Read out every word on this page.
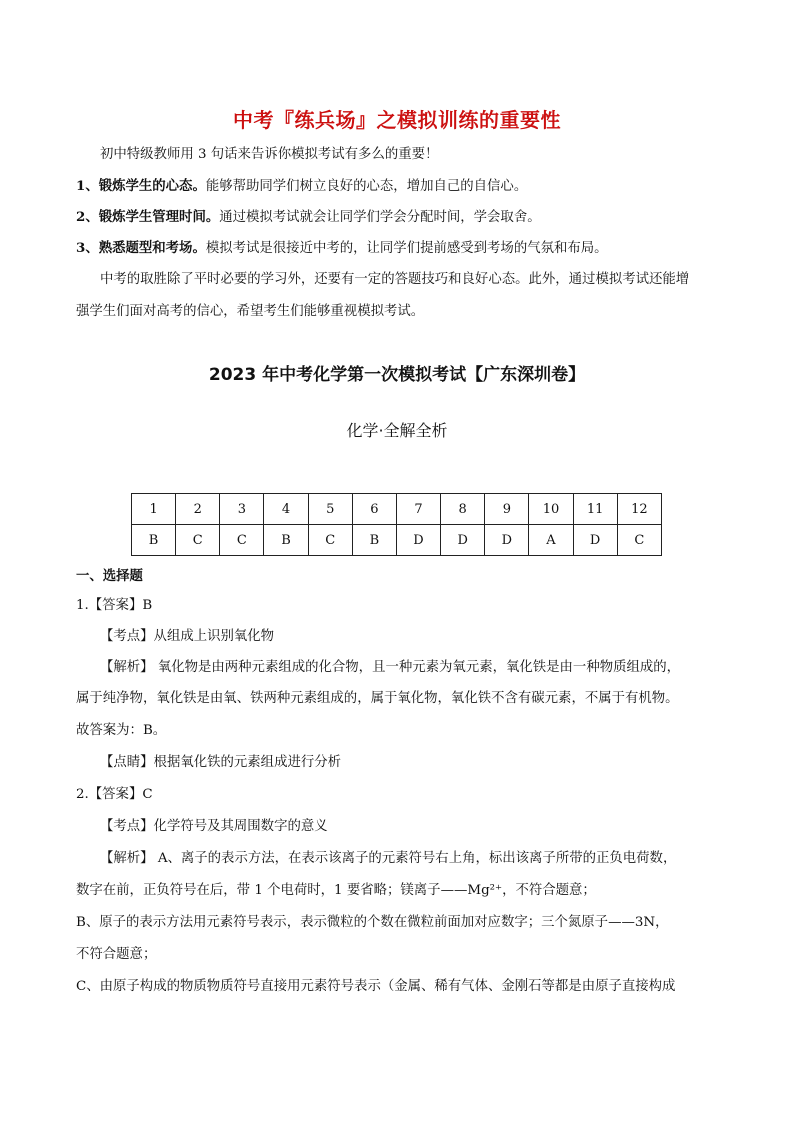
中考『练兵场』之模拟训练的重要性
初中特级教师用 3 句话来告诉你模拟考试有多么的重要！
1、锻炼学生的心态。能够帮助同学们树立良好的心态，增加自己的自信心。
2、锻炼学生管理时间。通过模拟考试就会让同学们学会分配时间，学会取舍。
3、熟悉题型和考场。模拟考试是很接近中考的，让同学们提前感受到考场的气氛和布局。
中考的取胜除了平时必要的学习外，还要有一定的答题技巧和良好心态。此外，通过模拟考试还能增
强学生们面对高考的信心，希望考生们能够重视模拟考试。
2023 年中考化学第一次模拟考试【广东深圳卷】
化学·全解全析
1	2	3	4	5	6	7	8	9	10	11	12
B	C	C	B	C	B	D	D	D	A	D	C
一、选择题
1.【答案】B
【考点】从组成上识别氧化物
【解析】 氧化物是由两种元素组成的化合物，且一种元素为氧元素，氧化铁是由一种物质组成的，
属于纯净物，氧化铁是由氧、铁两种元素组成的，属于氧化物，氧化铁不含有碳元素，不属于有机物。
故答案为：B。
【点睛】根据氧化铁的元素组成进行分析
2.【答案】C
【考点】化学符号及其周围数字的意义
【解析】 A、离子的表示方法，在表示该离子的元素符号右上角，标出该离子所带的正负电荷数，
数字在前，正负符号在后，带 1 个电荷时，1 要省略；镁离子——Mg²⁺，不符合题意；
B、原子的表示方法用元素符号表示，表示微粒的个数在微粒前面加对应数字；三个氮原子——3N，
不符合题意；
C、由原子构成的物质物质符号直接用元素符号表示（金属、稀有气体、金刚石等都是由原子直接构成
